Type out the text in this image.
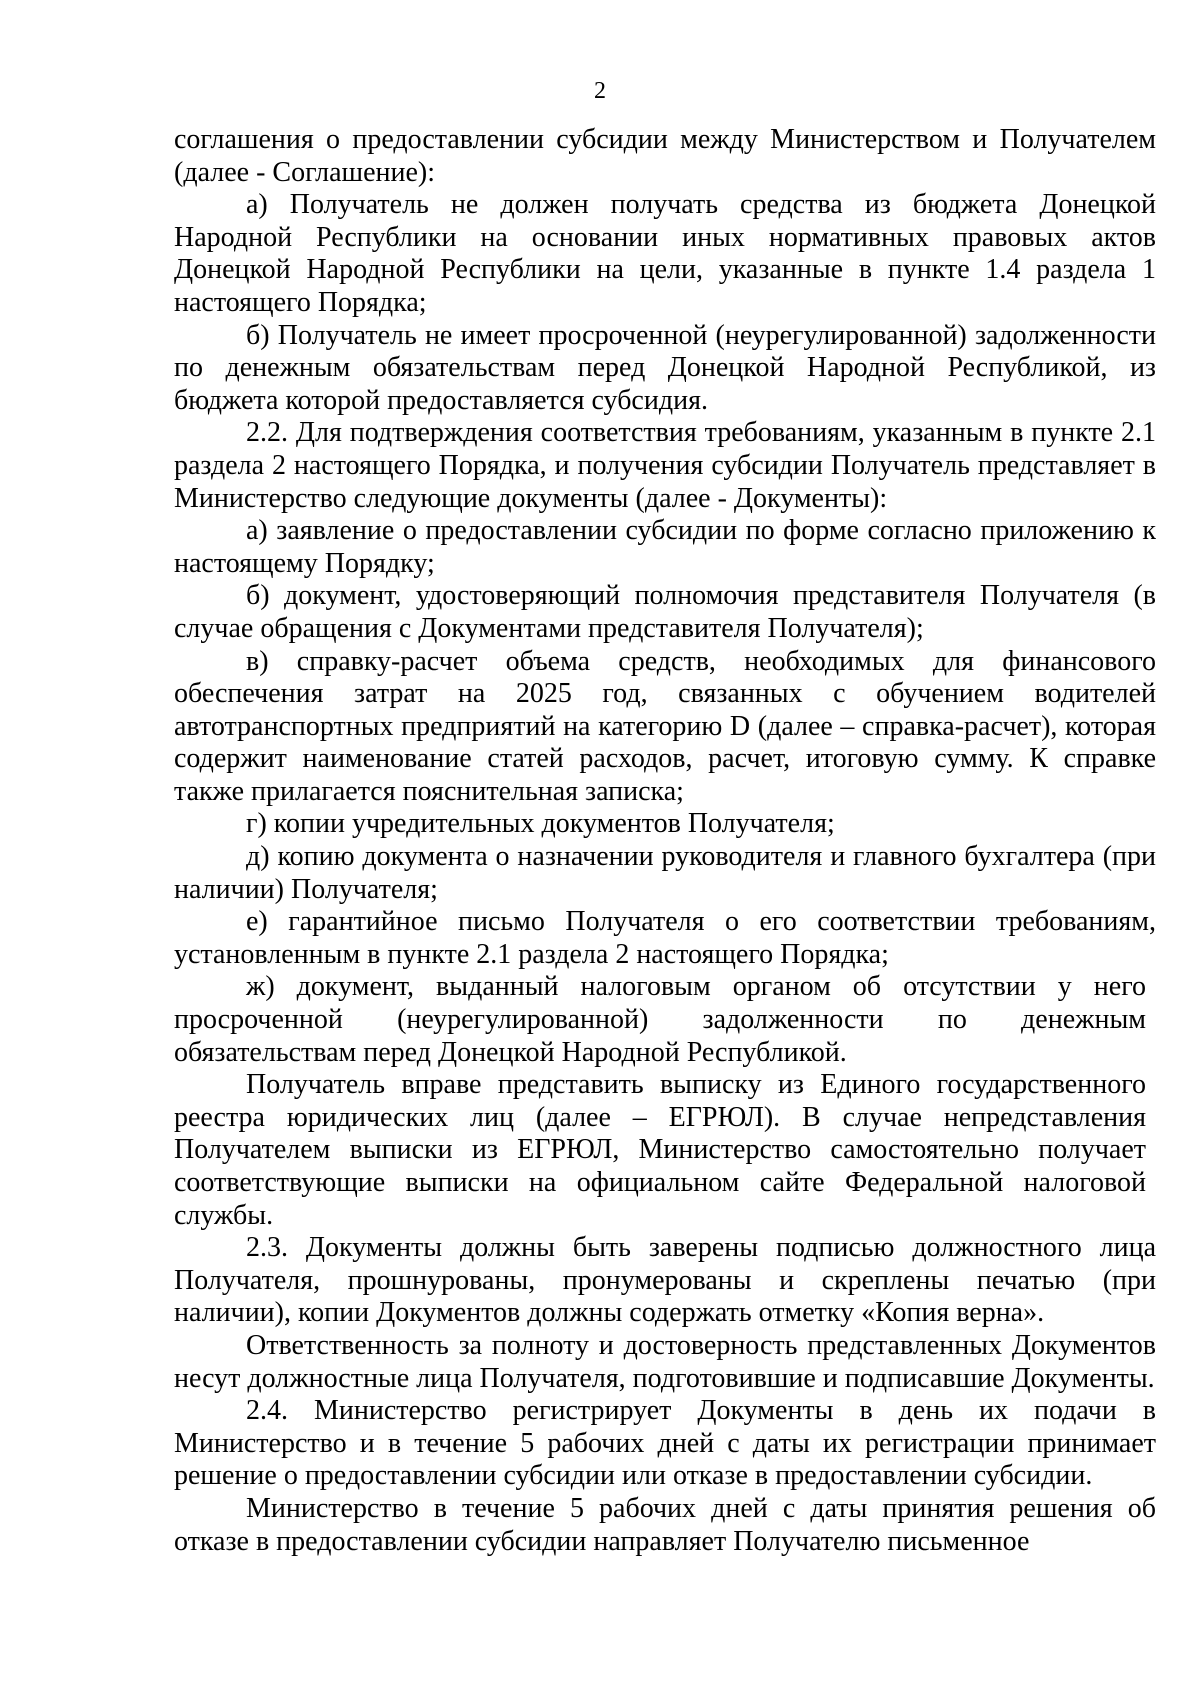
2

соглашения о предоставлении субсидии между Министерством и Получателем (далее - Соглашение):

а) Получатель не должен получать средства из бюджета Донецкой Народной Республики на основании иных нормативных правовых актов Донецкой Народной Республики на цели, указанные в пункте 1.4 раздела 1 настоящего Порядка;

б) Получатель не имеет просроченной (неурегулированной) задолженности по денежным обязательствам перед Донецкой Народной Республикой, из бюджета которой предоставляется субсидия.

2.2. Для подтверждения соответствия требованиям, указанным в пункте 2.1 раздела 2 настоящего Порядка, и получения субсидии Получатель представляет в Министерство следующие документы (далее - Документы):

а) заявление о предоставлении субсидии по форме согласно приложению к настоящему Порядку;

б) документ, удостоверяющий полномочия представителя Получателя (в случае обращения с Документами представителя Получателя);

в) справку-расчет объема средств, необходимых для финансового обеспечения затрат на 2025 год, связанных с обучением водителей автотранспортных предприятий на категорию D (далее – справка-расчет), которая содержит наименование статей расходов, расчет, итоговую сумму. К справке также прилагается пояснительная записка;

г) копии учредительных документов Получателя;

д) копию документа о назначении руководителя и главного бухгалтера (при наличии) Получателя;

е) гарантийное письмо Получателя о его соответствии требованиям, установленным в пункте 2.1 раздела 2 настоящего Порядка;

ж) документ, выданный налоговым органом об отсутствии у него просроченной (неурегулированной) задолженности по денежным обязательствам перед Донецкой Народной Республикой.

Получатель вправе представить выписку из Единого государственного реестра юридических лиц (далее – ЕГРЮЛ). В случае непредставления Получателем выписки из ЕГРЮЛ, Министерство самостоятельно получает соответствующие выписки на официальном сайте Федеральной налоговой службы.

2.3. Документы должны быть заверены подписью должностного лица Получателя, прошнурованы, пронумерованы и скреплены печатью (при наличии), копии Документов должны содержать отметку «Копия верна».

Ответственность за полноту и достоверность представленных Документов несут должностные лица Получателя, подготовившие и подписавшие Документы.

2.4. Министерство регистрирует Документы в день их подачи в Министерство и в течение 5 рабочих дней с даты их регистрации принимает решение о предоставлении субсидии или отказе в предоставлении субсидии.

Министерство в течение 5 рабочих дней с даты принятия решения об отказе в предоставлении субсидии направляет Получателю письменное
